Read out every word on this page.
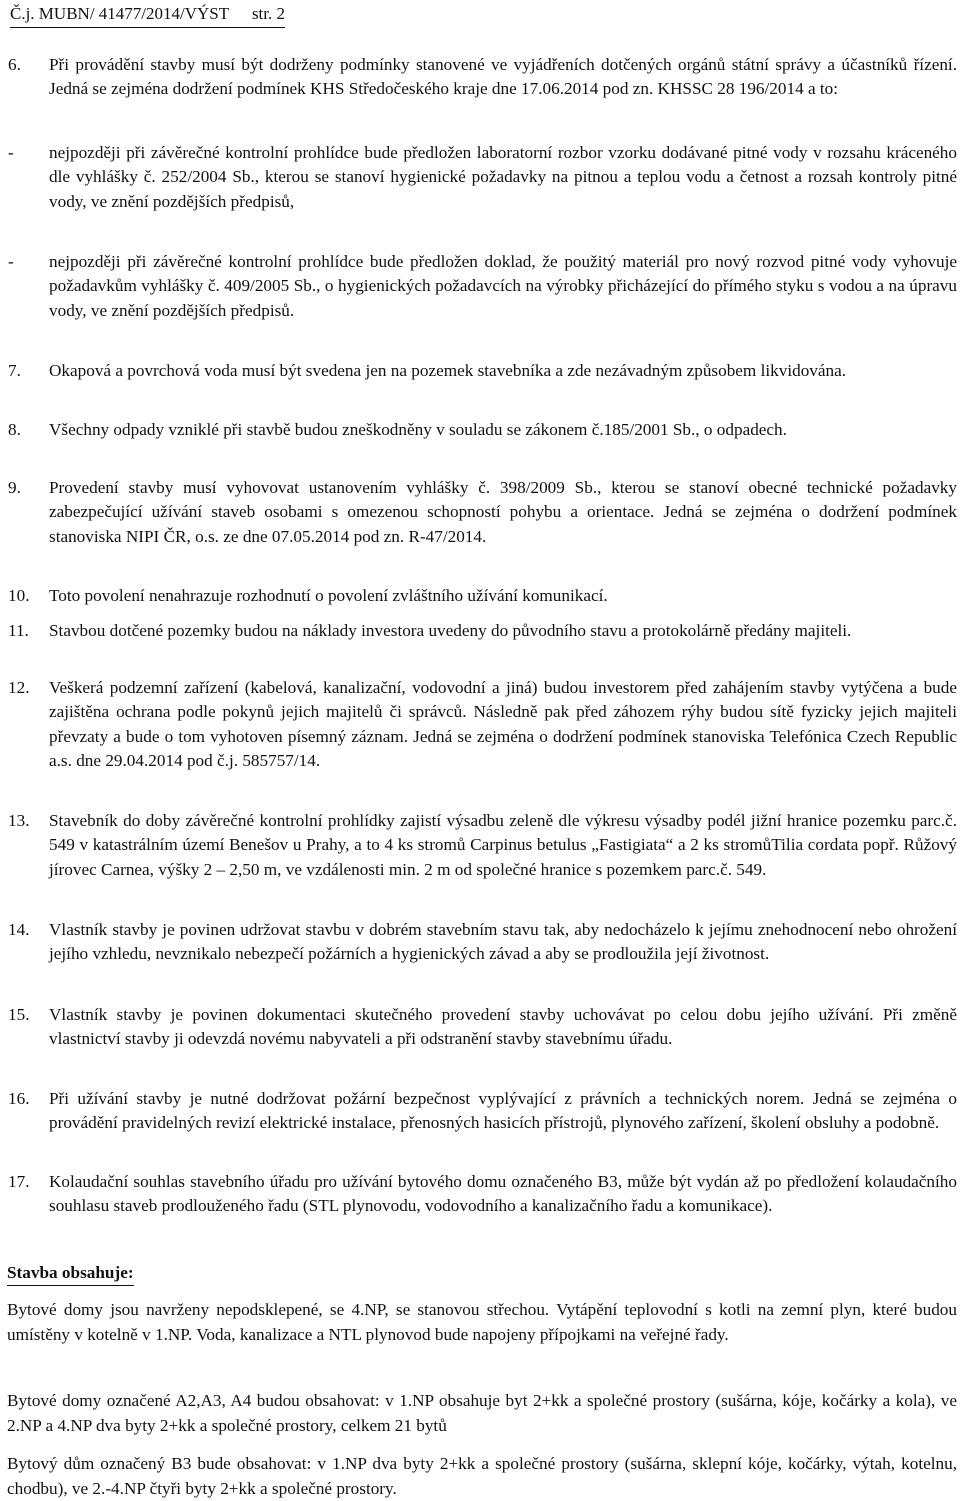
Č.j. MUBN/ 41477/2014/VÝST str. 2
6. Při provádění stavby musí být dodrženy podmínky stanovené ve vyjádřeních dotčených orgánů státní správy a účastníků řízení. Jedná se zejména dodržení podmínek KHS Středočeského kraje dne 17.06.2014 pod zn. KHSSC 28 196/2014 a to:
- nejpozději při závěrečné kontrolní prohlídce bude předložen laboratorní rozbor vzorku dodávané pitné vody v rozsahu kráceného dle vyhlášky č. 252/2004 Sb., kterou se stanoví hygienické požadavky na pitnou a teplou vodu a četnost a rozsah kontroly pitné vody, ve znění pozdějších předpisů,
- nejpozději při závěrečné kontrolní prohlídce bude předložen doklad, že použitý materiál pro nový rozvod pitné vody vyhovuje požadavkům vyhlášky č. 409/2005 Sb., o hygienických požadavcích na výrobky přicházející do přímého styku s vodou a na úpravu vody, ve znění pozdějších předpisů.
7. Okapová a povrchová voda musí být svedena jen na pozemek stavebníka a zde nezávadným způsobem likvidována.
8. Všechny odpady vzniklé při stavbě budou zneškodněny v souladu se zákonem č.185/2001 Sb., o odpadech.
9. Provedení stavby musí vyhovovat ustanovením vyhlášky č. 398/2009 Sb., kterou se stanoví obecné technické požadavky zabezpečující užívání staveb osobami s omezenou schopností pohybu a orientace. Jedná se zejména o dodržení podmínek stanoviska NIPI ČR, o.s. ze dne 07.05.2014 pod zn. R-47/2014.
10. Toto povolení nenahrazuje rozhodnutí o povolení zvláštního užívání komunikací.
11. Stavbou dotčené pozemky budou na náklady investora uvedeny do původního stavu a protokolárně předány majiteli.
12. Veškerá podzemní zařízení (kabelová, kanalizační, vodovodní a jiná) budou investorem před zahájením stavby vytýčena a bude zajištěna ochrana podle pokynů jejich majitelů či správců. Následně pak před záhozem rýhy budou sítě fyzicky jejich majiteli převzaty a bude o tom vyhotoven písemný záznam. Jedná se zejména o dodržení podmínek stanoviska Telefónica Czech Republic a.s. dne 29.04.2014 pod č.j. 585757/14.
13. Stavebník do doby závěrečné kontrolní prohlídky zajistí výsadbu zeleně dle výkresu výsadby podél jižní hranice pozemku parc.č. 549 v katastrálním území Benešov u Prahy, a to 4 ks stromů Carpinus betulus „Fastigiata“ a 2 ks stromůTilia cordata popř. Růžový jírovec Carnea, výšky 2 – 2,50 m, ve vzdálenosti min. 2 m od společné hranice s pozemkem parc.č. 549.
14. Vlastník stavby je povinen udržovat stavbu v dobrém stavebním stavu tak, aby nedocházelo k jejímu znehodnocení nebo ohrožení jejího vzhledu, nevznikalo nebezpečí požárních a hygienických závad a aby se prodloužila její životnost.
15. Vlastník stavby je povinen dokumentaci skutečného provedení stavby uchovávat po celou dobu jejího užívání. Při změně vlastnictví stavby ji odevzdá novému nabyvateli a při odstranění stavby stavebnímu úřadu.
16. Při užívání stavby je nutné dodržovat požární bezpečnost vyplývající z právních a technických norem. Jedná se zejména o provádění pravidelných revizí elektrické instalace, přenosných hasicích přístrojů, plynového zařízení, školení obsluhy a podobně.
17. Kolaudační souhlas stavebního úřadu pro užívání bytového domu označeného B3, může být vydán až po předložení kolaudačního souhlasu staveb prodlouženého řadu (STL plynovodu, vodovodního a kanalizačního řadu a komunikace).
Stavba obsahuje:
Bytové domy jsou navrženy nepodsklepené, se 4.NP, se stanovou střechou. Vytápění teplovodní s kotli na zemní plyn, které budou umístěny v kotelně v 1.NP. Voda, kanalizace a NTL plynovod bude napojeny přípojkami na veřejné řady.
Bytové domy označené A2,A3, A4 budou obsahovat: v 1.NP obsahuje byt 2+kk a společné prostory (sušárna, kóje, kočárky a kola), ve 2.NP a 4.NP dva byty 2+kk a společné prostory, celkem 21 bytů
Bytový dům označený B3 bude obsahovat: v 1.NP dva byty 2+kk a společné prostory (sušárna, sklepní kóje, kočárky, výtah, kotelnu, chodbu), ve 2.-4.NP čtyři byty 2+kk a společné prostory.
